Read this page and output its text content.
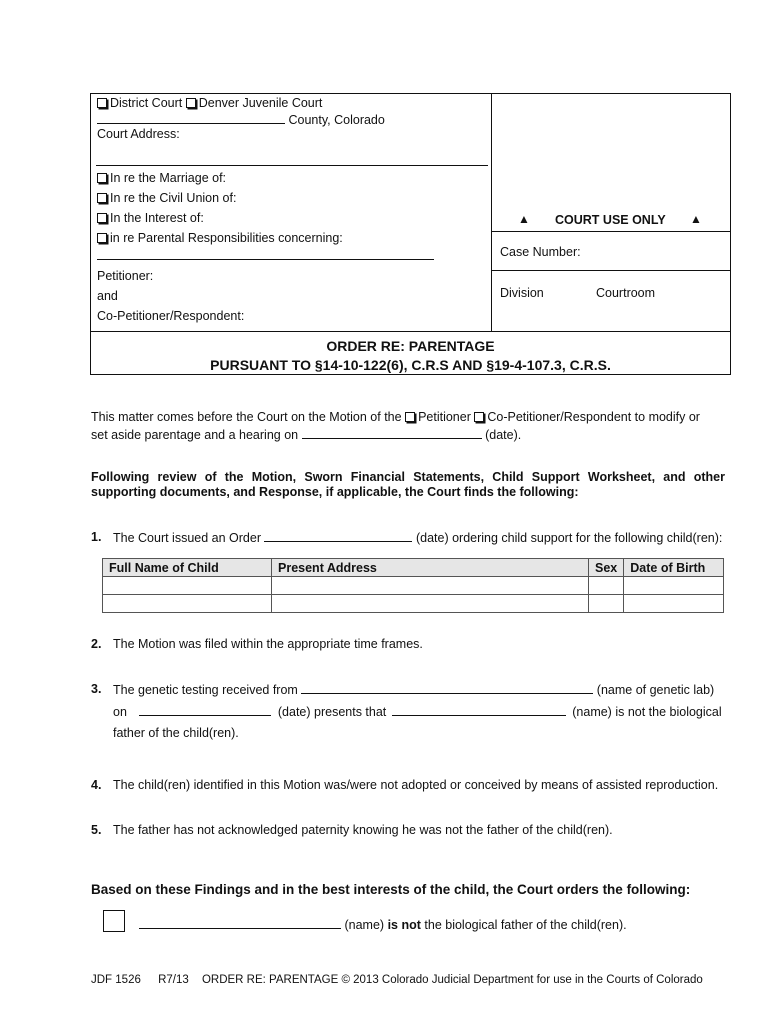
District Court Denver Juvenile Court
County, Colorado
Court Address:
In re the Marriage of:
In re the Civil Union of:
In the Interest of:
in re Parental Responsibilities concerning:
Petitioner:
and
Co-Petitioner/Respondent:
▲ COURT USE ONLY ▲
Case Number:
Division	Courtroom
ORDER RE: PARENTAGE
PURSUANT TO §14-10-122(6), C.R.S AND §19-4-107.3, C.R.S.
This matter comes before the Court on the Motion of the Petitioner Co-Petitioner/Respondent to modify or
set aside parentage and a hearing on	(date).
Following review of the Motion, Sworn Financial Statements, Child Support Worksheet, and other supporting documents, and Response, if applicable, the Court finds the following:
1. The Court issued an Order	(date) ordering child support for the following child(ren):
Full Name of Child	Present Address	Sex	Date of Birth

2. The Motion was filed within the appropriate time frames.
3. The genetic testing received from	(name of genetic lab)
on	(date) presents that	(name) is not the biological
father of the child(ren).
4. The child(ren) identified in this Motion was/were not adopted or conceived by means of assisted reproduction.
5. The father has not acknowledged paternity knowing he was not the father of the child(ren).
Based on these Findings and in the best interests of the child, the Court orders the following:
(name) is not the biological father of the child(ren).
JDF 1526 R7/13 ORDER RE: PARENTAGE © 2013 Colorado Judicial Department for use in the Courts of Colorado
